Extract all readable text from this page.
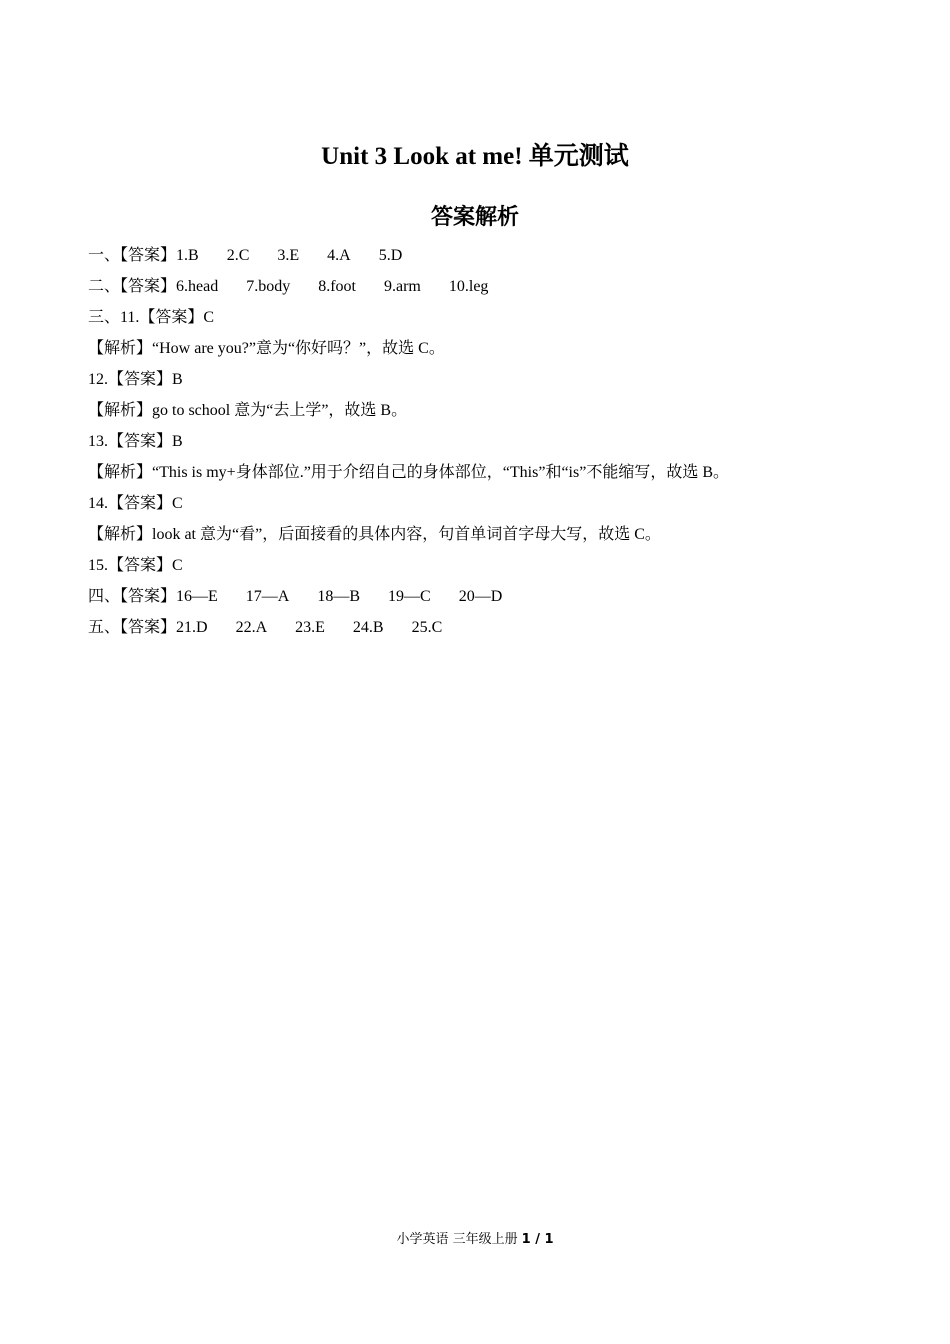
Unit 3 Look at me! 单元测试
答案解析
一、【答案】1.B 2.C 3.E 4.A 5.D
二、【答案】6.head 7.body 8.foot 9.arm 10.leg
三、11.【答案】C
【解析】“How are you?”意为“你好吗？”，故选 C。
12.【答案】B
【解析】go to school 意为“去上学”，故选 B。
13.【答案】B
【解析】“This is my+身体部位.”用于介绍自己的身体部位，“This”和“is”不能缩写，故选 B。
14.【答案】C
【解析】look at 意为“看”，后面接看的具体内容，句首单词首字母大写，故选 C。
15.【答案】C
四、【答案】16—E 17—A 18—B 19—C 20—D
五、【答案】21.D 22.A 23.E 24.B 25.C
小学英语 三年级上册 1 / 1
